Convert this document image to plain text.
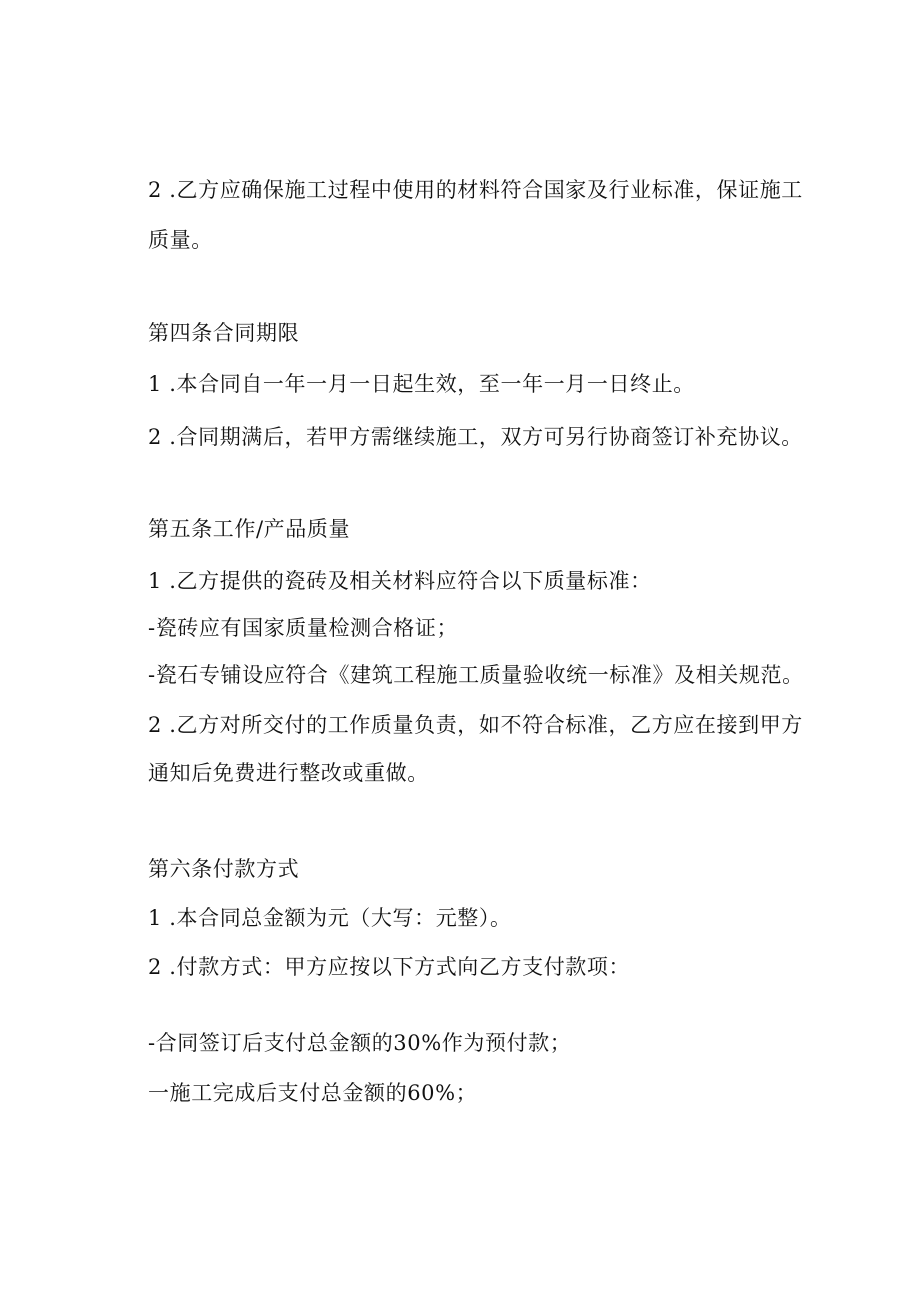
2 .乙方应确保施工过程中使用的材料符合国家及行业标准，保证施工
质量。
第四条合同期限
1 .本合同自一年一月一日起生效，至一年一月一日终止。
2 .合同期满后，若甲方需继续施工，双方可另行协商签订补充协议。
第五条工作/产品质量
1 .乙方提供的瓷砖及相关材料应符合以下质量标准：
-瓷砖应有国家质量检测合格证；
-瓷石专铺设应符合《建筑工程施工质量验收统一标准》及相关规范。
2 .乙方对所交付的工作质量负责，如不符合标准，乙方应在接到甲方
通知后免费进行整改或重做。
第六条付款方式
1 .本合同总金额为元（大写：元整）。
2 .付款方式：甲方应按以下方式向乙方支付款项：
-合同签订后支付总金额的30%作为预付款；
一施工完成后支付总金额的60%；
